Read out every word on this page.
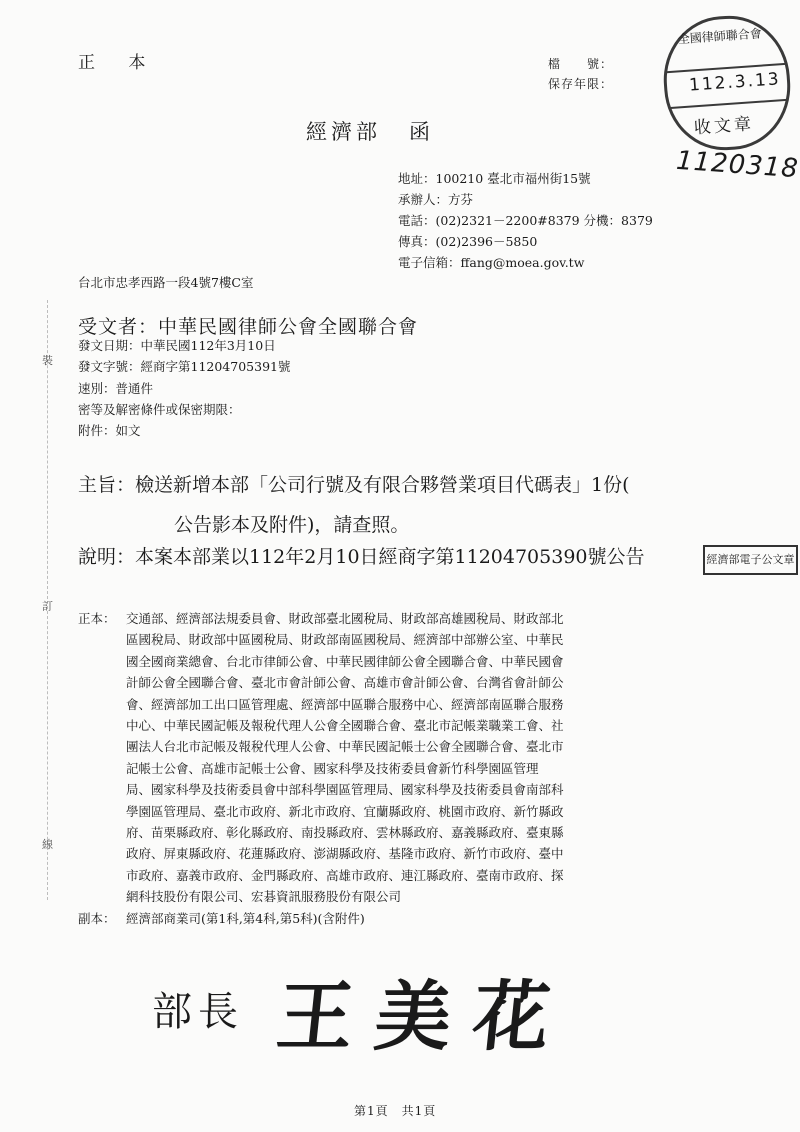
正 本	檔　　號：
保存年限：
全國律師聯合會
112.3.13
收文章
1120318
經濟部 函
地址：100210 臺北市福州街15號
承辦人：方芬
電話：(02)2321－2200#8379 分機：8379
傳真：(02)2396－5850
電子信箱：ffang@moea.gov.tw
台北市忠孝西路一段4號7樓C室
受文者：中華民國律師公會全國聯合會
發文日期：中華民國112年3月10日
發文字號：經商字第11204705391號
速別：普通件
密等及解密條件或保密期限：
附件：如文
主旨：檢送新增本部「公司行號及有限合夥營業項目代碼表」1份(
公告影本及附件)，請查照。
說明：本案本部業以112年2月10日經商字第11204705390號公告	經濟部電子公文章
裝
訂
線
正本： 交通部、經濟部法規委員會、財政部臺北國稅局、財政部高雄國稅局、財政部北
區國稅局、財政部中區國稅局、財政部南區國稅局、經濟部中部辦公室、中華民
國全國商業總會、台北市律師公會、中華民國律師公會全國聯合會、中華民國會
計師公會全國聯合會、臺北市會計師公會、高雄市會計師公會、台灣省會計師公
會、經濟部加工出口區管理處、經濟部中區聯合服務中心、經濟部南區聯合服務
中心、中華民國記帳及報稅代理人公會全國聯合會、臺北市記帳業職業工會、社
團法人台北市記帳及報稅代理人公會、中華民國記帳士公會全國聯合會、臺北市
記帳士公會、高雄市記帳士公會、國家科學及技術委員會新竹科學園區管理
局、國家科學及技術委員會中部科學園區管理局、國家科學及技術委員會南部科
學園區管理局、臺北市政府、新北市政府、宜蘭縣政府、桃園市政府、新竹縣政
府、苗栗縣政府、彰化縣政府、南投縣政府、雲林縣政府、嘉義縣政府、臺東縣
政府、屏東縣政府、花蓮縣政府、澎湖縣政府、基隆市政府、新竹市政府、臺中
市政府、嘉義市政府、金門縣政府、高雄市政府、連江縣政府、臺南市政府、探
網科技股份有限公司、宏碁資訊服務股份有限公司
副本： 經濟部商業司(第1科,第4科,第5科)(含附件)
部長 王美花
第1頁　共1頁
